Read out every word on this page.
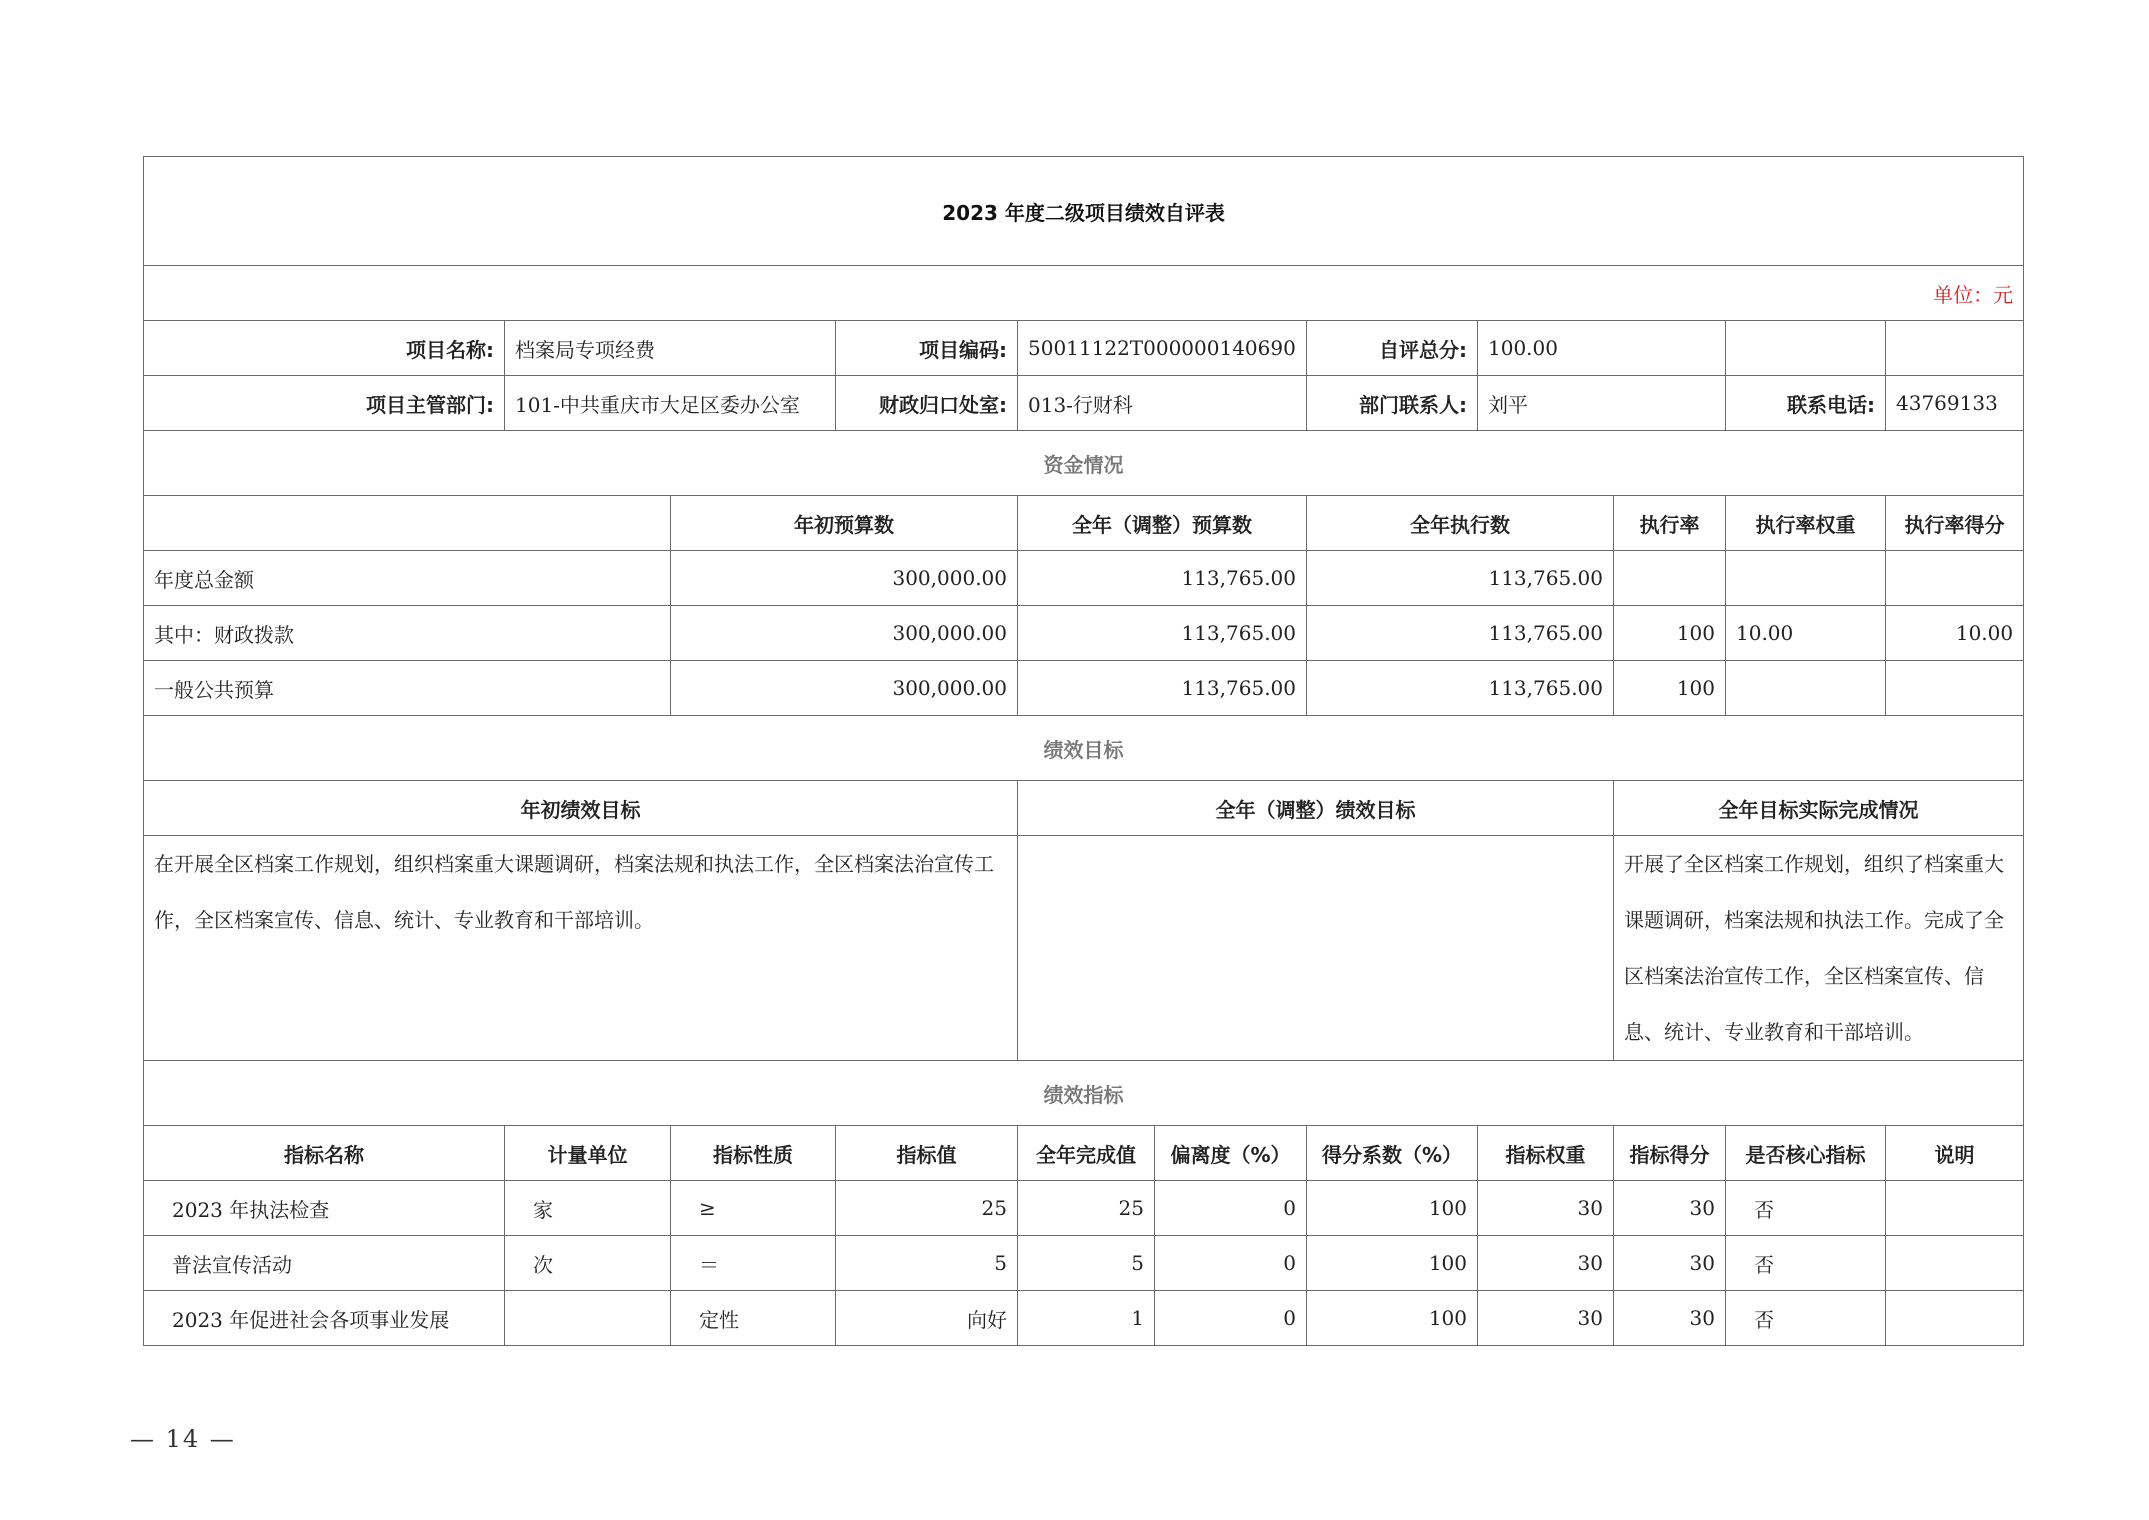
2023 年度二级项目绩效自评表										
单位：元										
项目名称:	档案局专项经费		项目编码:	50011122T000000140690		自评总分:	100.00			
项目主管部门:	101-中共重庆市大足区委办公室		财政归口处室:	013-行财科		部门联系人:	刘平		联系电话:	43769133
资金情况										
		年初预算数		全年（调整）预算数		全年执行数		执行率	执行率权重	执行率得分
年度总金额		300,000.00		113,765.00		113,765.00				
其中：财政拨款		300,000.00		113,765.00		113,765.00		100	10.00	10.00
一般公共预算		300,000.00		113,765.00		113,765.00		100		
绩效目标										
年初绩效目标				全年（调整）绩效目标				全年目标实际完成情况		
在开展全区档案工作规划，组织档案重大课题调研，档案法规和执法工作，全区档案法治宣传工作，全区档案宣传、信息、统计、专业教育和干部培训。								开展了全区档案工作规划，组织了档案重大课题调研，档案法规和执法工作。完成了全区档案法治宣传工作，全区档案宣传、信息、统计、专业教育和干部培训。		
绩效指标										
指标名称	计量单位	指标性质	指标值	全年完成值	偏离度（%）	得分系数（%）	指标权重	指标得分	是否核心指标	说明
2023 年执法检查	家	≥	25	25	0	100	30	30	否	
普法宣传活动	次	＝	5	5	0	100	30	30	否	
2023 年促进社会各项事业发展		定性	向好	1	0	100	30	30	否	
— 14 —
